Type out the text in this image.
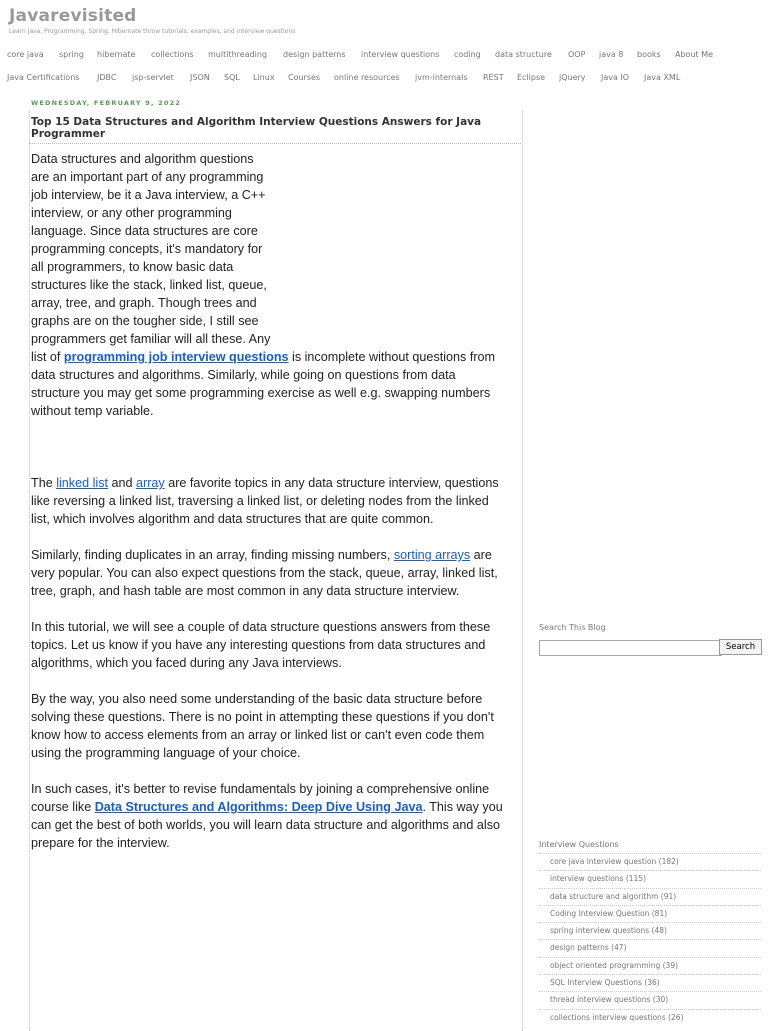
Javarevisited
Learn Java, Programming, Spring, Hibernate throw tutorials, examples, and interview questions
core java spring hibernate collections multithreading design patterns interview questions coding data structure OOP java 8 books About Me
Java Certifications JDBC jsp-servlet JSON SQL Linux Courses online resources jvm-internals REST Eclipse jQuery Java IO Java XML
WEDNESDAY, FEBRUARY 9, 2022
Top 15 Data Structures and Algorithm Interview Questions Answers for Java Programmer

Data structures and algorithm questions are an important part of any programming job interview, be it a Java interview, a C++ interview, or any other programming language. Since data structures are core programming concepts, it's mandatory for all programmers, to know basic data structures like the stack, linked list, queue, array, tree, and graph. Though trees and graphs are on the tougher side, I still see programmers get familiar will all these. Any

list of programming job interview questions is incomplete without questions from data structures and algorithms. Similarly, while going on questions from data structure you may get some programming exercise as well e.g. swapping numbers without temp variable.

The linked list and array are favorite topics in any data structure interview, questions like reversing a linked list, traversing a linked list, or deleting nodes from the linked list, which involves algorithm and data structures that are quite common.

Similarly, finding duplicates in an array, finding missing numbers, sorting arrays are very popular. You can also expect questions from the stack, queue, array, linked list, tree, graph, and hash table are most common in any data structure interview.

In this tutorial, we will see a couple of data structure questions answers from these topics. Let us know if you have any interesting questions from data structures and algorithms, which you faced during any Java interviews.

By the way, you also need some understanding of the basic data structure before solving these questions. There is no point in attempting these questions if you don't know how to access elements from an array or linked list or can't even code them using the programming language of your choice.

In such cases, it's better to revise fundamentals by joining a comprehensive online course like Data Structures and Algorithms: Deep Dive Using Java. This way you can get the best of both worlds, you will learn data structure and algorithms and also prepare for the interview.

Search This Blog
Search
Interview Questions
core java interview question (182)
interview questions (115)
data structure and algorithm (91)
Coding Interview Question (81)
spring interview questions (48)
design patterns (47)
object oriented programming (39)
SQL Interview Questions (36)
thread interview questions (30)
collections interview questions (26)
